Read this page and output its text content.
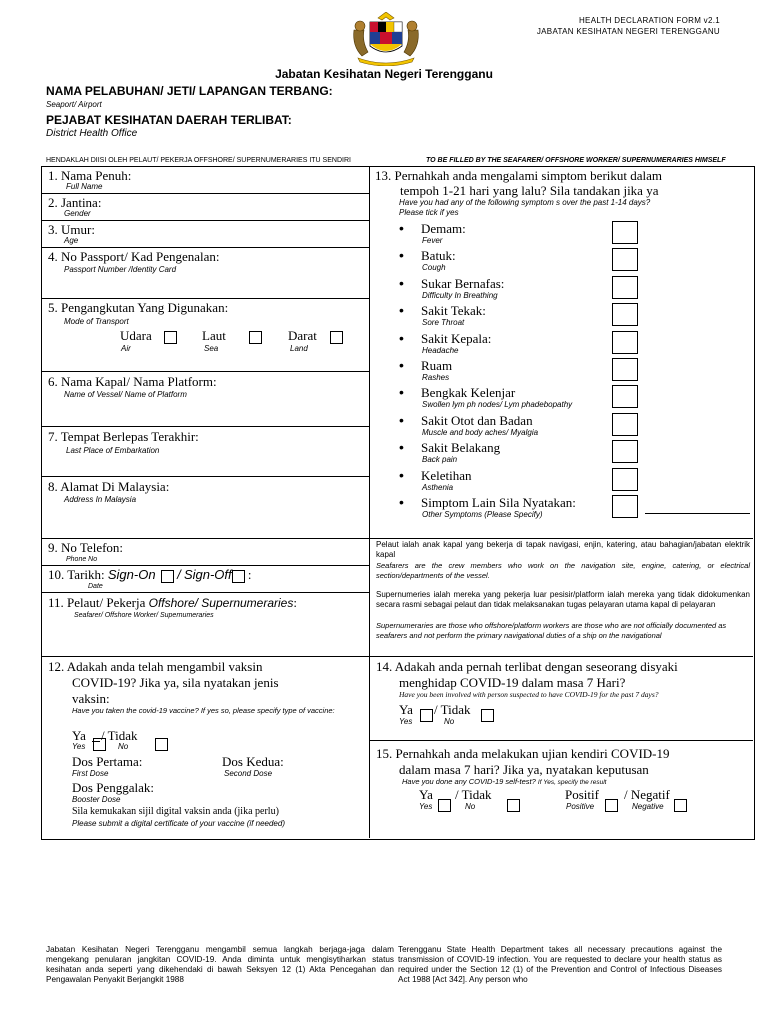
HEALTH DECLARATION FORM v2.1
JABATAN KESIHATAN NEGERI TERENGGANU
Jabatan Kesihatan Negeri Terengganu
NAMA PELABUHAN/ JETI/ LAPANGAN TERBANG:
Seaport/ Airport
PEJABAT KESIHATAN DAERAH TERLIBAT:
District Health Office
HENDAKLAH DIISI OLEH PELAUT/ PEKERJA OFFSHORE/ SUPERNUMERARIES ITU SENDIRI	TO BE FILLED BY THE SEAFARER/ OFFSHORE WORKER/ SUPERNUMERARIES HIMSELF
1. Nama Penuh:
Full Name
2. Jantina:
Gender
3. Umur:
Age
4. No Passport/ Kad Pengenalan:
Passport Number /Identity Card
5. Pengangkutan Yang Digunakan:
Mode of Transport
Udara
Air
Laut
Sea
Darat
Land
6. Nama Kapal/ Nama Platform:
Name of Vessel/ Name of Platform
7. Tempat Berlepas Terakhir:
Last Place of Embarkation
8. Alamat Di Malaysia:
Address In Malaysia
9. No Telefon:
Phone No
10. Tarikh: Sign-On / Sign-Off :
Date
11. Pelaut/ Pekerja Offshore/ Supernumeraries:
Seafarer/ Offshore Worker/ Supernumeraries
13. Pernahkah anda mengalami simptom berikut dalam
tempoh 1-21 hari yang lalu? Sila tandakan jika ya
Have you had any of the following symptom s over the past 1-14 days?
Please tick if yes
• Demam:
Fever
• Batuk:
Cough
• Sukar Bernafas:
Difficulty In Breathing
• Sakit Tekak:
Sore Throat
• Sakit Kepala:
Headache
• Ruam
Rashes
• Bengkak Kelenjar
Swollen lym ph nodes/ Lym phadebopathy
• Sakit Otot dan Badan
Muscle and body aches/ Myalgia
• Sakit Belakang
Back pain
• Keletihan
Asthenia
• Simptom Lain Sila Nyatakan:
Other Symptoms (Please Specify)
Pelaut ialah anak kapal yang bekerja di tapak navigasi, enjin, katering, atau bahagian/jabatan elektrik kapal
Seafarers are the crew members who work on the navigation site, engine, catering, or electrical section/departments of the vessel.
Supernumeries ialah mereka yang pekerja luar pesisir/platform ialah mereka yang tidak didokumenkan secara rasmi sebagai pelaut dan tidak melaksanakan tugas pelayaran utama kapal di pelayaran
Supernumeraries are those who offshore/platform workers are those who are not officially documented as seafarers and not perform the primary navigational duties of a ship on the navigational
12. Adakah anda telah mengambil vaksin
COVID-19? Jika ya, sila nyatakan jenis
vaksin:
Have you taken the covid-19 vaccine? If yes so, please specify type of vaccine:
Ya / Tidak
Yes	No
Dos Pertama:
First Dose
Dos Kedua:
Second Dose
Dos Penggalak:
Booster Dose
Sila kemukakan sijil digital vaksin anda (jika perlu)
Please submit a digital certificate of your vaccine (if needed)
14. Adakah anda pernah terlibat dengan seseorang disyaki
menghidap COVID-19 dalam masa 7 Hari?
Have you been involved with person suspected to have COVID-19 for the past 7 days?
Ya / Tidak
Yes	No
15. Pernahkah anda melakukan ujian kendiri COVID-19
dalam masa 7 hari? Jika ya, nyatakan keputusan
Have you done any COVID-19 self-test? If Yes, specify the result
Ya / Tidak
Yes	No
Positif / Negatif
Positive	Negative
Jabatan Kesihatan Negeri Terengganu mengambil semua langkah berjaga-jaga dalam mengekang penularan jangkitan COVID-19. Anda diminta untuk mengisytiharkan status kesihatan anda seperti yang dikehendaki di bawah Seksyen 12 (1) Akta Pencegahan dan Pengawalan Penyakit Berjangkit 1988
Terengganu State Health Department takes all necessary precautions against the transmission of COVID-19 infection. You are requested to declare your health status as required under the Section 12 (1) of the Prevention and Control of Infectious Diseases Act 1988 [Act 342]. Any person who
